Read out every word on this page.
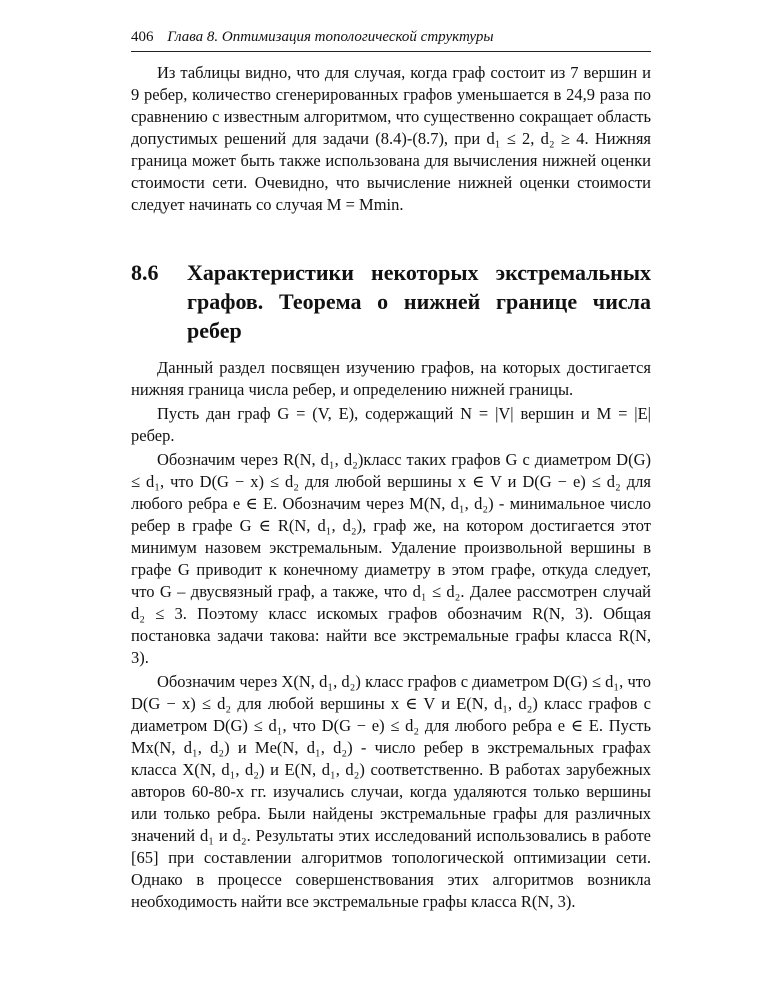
406 Глава 8. Оптимизация топологической структуры

Из таблицы видно, что для случая, когда граф состоит из 7 вершин и 9 ребер, количество сгенерированных графов уменьшается в 24,9 раза по сравнению с известным алгоритмом, что существенно сокращает область допустимых решений для задачи (8.4)-(8.7), при d₁ ≤ 2, d₂ ≥ 4. Нижняя граница может быть также использована для вычисления нижней оценки стоимости сети. Очевидно, что вычисление нижней оценки стоимости следует начинать со случая M = Mmin.

8.6 Характеристики некоторых экстремальных графов. Теорема о нижней границе числа ребер

Данный раздел посвящен изучению графов, на которых достигается нижняя граница числа ребер, и определению нижней границы.

Пусть дан граф G = (V, E), содержащий N = |V| вершин и M = |E| ребер.

Обозначим через R(N, d₁, d₂)класс таких графов G с диаметром D(G) ≤ d₁, что D(G − x) ≤ d₂ для любой вершины x ∈ V и D(G − e) ≤ d₂ для любого ребра e ∈ E. Обозначим через M(N, d₁, d₂) - минимальное число ребер в графе G ∈ R(N, d₁, d₂), граф же, на котором достигается этот минимум назовем экстремальным. Удаление произвольной вершины в графе G приводит к конечному диаметру в этом графе, откуда следует, что G – двусвязный граф, а также, что d₁ ≤ d₂. Далее рассмотрен случай d₂ ≤ 3. Поэтому класс искомых графов обозначим R(N, 3). Общая постановка задачи такова: найти все экстремальные графы класса R(N, 3).

Обозначим через X(N, d₁, d₂) класс графов с диаметром D(G) ≤ d₁, что D(G − x) ≤ d₂ для любой вершины x ∈ V и E(N, d₁, d₂) класс графов с диаметром D(G) ≤ d₁, что D(G − e) ≤ d₂ для любого ребра e ∈ E. Пусть Mx(N, d₁, d₂) и Me(N, d₁, d₂) - число ребер в экстремальных графах класса X(N, d₁, d₂) и E(N, d₁, d₂) соответственно. В работах зарубежных авторов 60-80-х гг. изучались случаи, когда удаляются только вершины или только ребра. Были найдены экстремальные графы для различных значений d₁ и d₂. Результаты этих исследований использовались в работе [65] при составлении алгоритмов топологической оптимизации сети. Однако в процессе совершенствования этих алгоритмов возникла необходимость найти все экстремальные графы класса R(N, 3).
